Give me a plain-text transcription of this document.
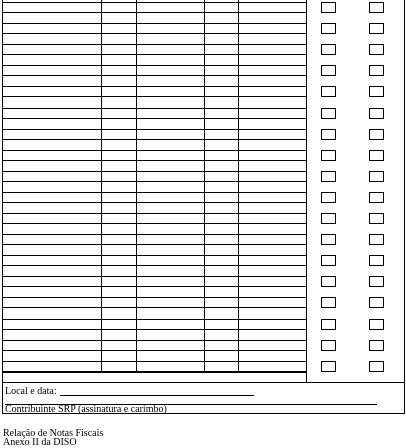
Local e data:
Contribuinte SRP (assinatura e carimbo)
Relação de Notas Fiscais
Anexo II da DISO
